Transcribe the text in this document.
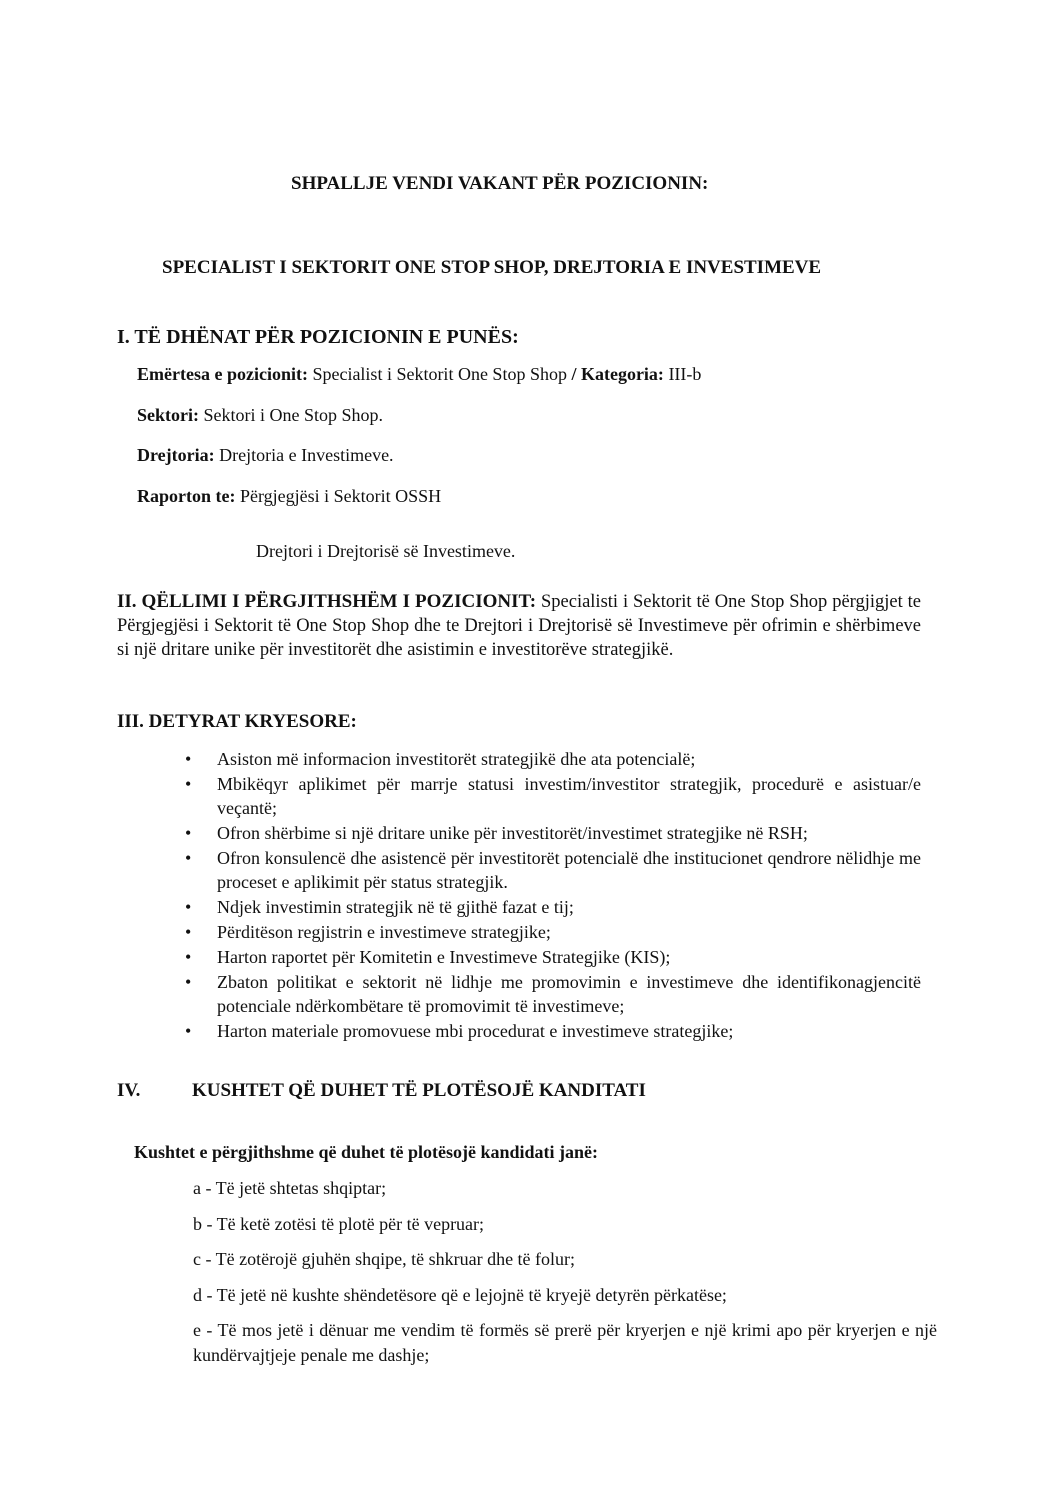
SHPALLJE VENDI VAKANT PËR POZICIONIN:
SPECIALIST I SEKTORIT ONE STOP SHOP, DREJTORIA E INVESTIMEVE
I. TË DHËNAT PËR POZICIONIN E PUNËS:
Emërtesa e pozicionit: Specialist i Sektorit One Stop Shop / Kategoria: III-b
Sektori: Sektori i One Stop Shop.
Drejtoria: Drejtoria e Investimeve.
Raporton te: Përgjegjësi i Sektorit OSSH
Drejtori i Drejtorisë së Investimeve.
II. QËLLIMI I PËRGJITHSHËM I POZICIONIT: Specialisti i Sektorit të One Stop Shop përgjigjet te Përgjegjësi i Sektorit të One Stop Shop dhe te Drejtori i Drejtorisë së Investimeve për ofrimin e shërbimeve si një dritare unike për investitorët dhe asistimin e investitorëve strategjikë.
III. DETYRAT KRYESORE:
• Asiston më informacion investitorët strategjikë dhe ata potencialë;
• Mbikëqyr aplikimet për marrje statusi investim/investitor strategjik, procedurë e asistuar/e veçantë;
• Ofron shërbime si një dritare unike për investitorët/investimet strategjike në RSH;
• Ofron konsulencë dhe asistencë për investitorët potencialë dhe institucionet qendrore nëlidhje me proceset e aplikimit për status strategjik.
• Ndjek investimin strategjik në të gjithë fazat e tij;
• Përditëson regjistrin e investimeve strategjike;
• Harton raportet për Komitetin e Investimeve Strategjike (KIS);
• Zbaton politikat e sektorit në lidhje me promovimin e investimeve dhe identifikonagjencitë potenciale ndërkombëtare të promovimit të investimeve;
• Harton materiale promovuese mbi procedurat e investimeve strategjike;
IV.	KUSHTET QË DUHET TË PLOTËSOJË KANDITATI
Kushtet e përgjithshme që duhet të plotësojë kandidati janë:
a - Të jetë shtetas shqiptar;
b - Të ketë zotësi të plotë për të vepruar;
c - Të zotërojë gjuhën shqipe, të shkruar dhe të folur;
d - Të jetë në kushte shëndetësore që e lejojnë të kryejë detyrën përkatëse;
e - Të mos jetë i dënuar me vendim të formës së prerë për kryerjen e një krimi apo për kryerjen e një kundërvajtjeje penale me dashje;
